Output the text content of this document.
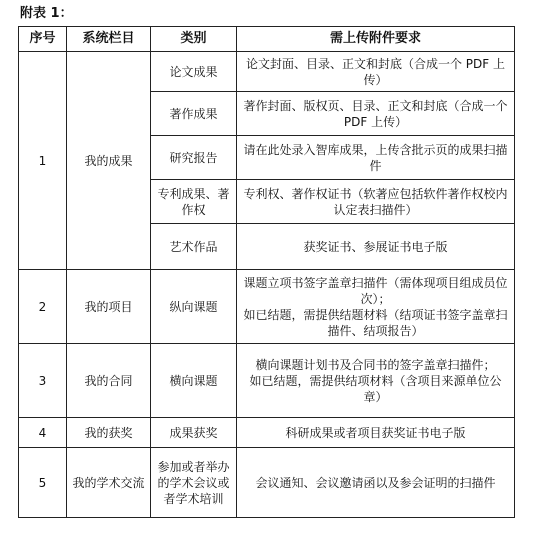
附表 1：
序号	系统栏目	类别	需上传附件要求
1	我的成果	论文成果	论文封面、目录、正文和封底（合成一个 PDF 上传）
		著作成果	著作封面、版权页、目录、正文和封底（合成一个 PDF 上传）
		研究报告	请在此处录入智库成果，上传含批示页的成果扫描件
		专利成果、著作权	专利权、著作权证书（软著应包括软件著作权校内认定表扫描件）
		艺术作品	获奖证书、参展证书电子版
2	我的项目	纵向课题	课题立项书签字盖章扫描件（需体现项目组成员位次）；
如已结题，需提供结题材料（结项证书签字盖章扫描件、结项报告）
3	我的合同	横向课题	横向课题计划书及合同书的签字盖章扫描件；
如已结题，需提供结项材料（含项目来源单位公章）
4	我的获奖	成果获奖	科研成果或者项目获奖证书电子版
5	我的学术交流	参加或者举办的学术会议或者学术培训	会议通知、会议邀请函以及参会证明的扫描件
